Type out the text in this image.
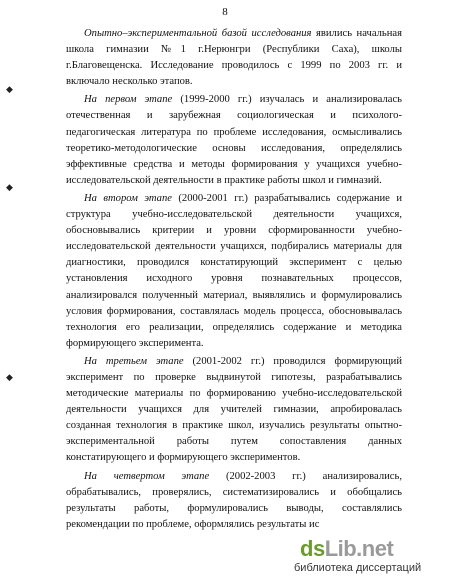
8
◆
◆
◆

Опытно–экспериментальной базой исследования явились начальная школа гимназии №1 г.Нерюнгри (Республики Саха), школы г.Благовещенска. Исследование проводилось с 1999 по 2003 гг. и включало несколько этапов.

На первом этапе (1999-2000 гг.) изучалась и анализировалась отечественная и зарубежная социологическая и психолого-педагогическая литература по проблеме исследования, осмысливались теоретико-методологические основы исследования, определялись эффективные средства и методы формирования у учащихся учебно-исследовательской деятельности в практике работы школ и гимназий.

На втором этапе (2000-2001 гг.) разрабатывались содержание и структура учебно-исследовательской деятельности учащихся, обосновывались критерии и уровни сформированности учебно-исследовательской деятельности учащихся, подбирались материалы для диагностики, проводился констатирующий эксперимент с целью установления исходного уровня познавательных процессов, анализировался полученный материал, выявлялись и формулировались условия формирования, составлялась модель процесса, обосновывалась технология его реализации, определялись содержание и методика формирующего эксперимента.

На третьем этапе (2001-2002 гг.) проводился формирующий эксперимент по проверке выдвинутой гипотезы, разрабатывались методические материалы по формированию учебно-исследовательской деятельности учащихся для учителей гимназии, апробировалась созданная технология в практике школ, изучались результаты опытно-экспериментальной работы путем сопоставления данных констатирующего и формирующего экспериментов.

На четвертом этапе (2002-2003 гг.) анализировались, обрабатывались, проверялись, систематизировались и обобщались результаты работы, формулировались выводы, составлялись рекомендации по проблеме, оформлялись результаты ис

dsLib.net
библиотека диссертаций
